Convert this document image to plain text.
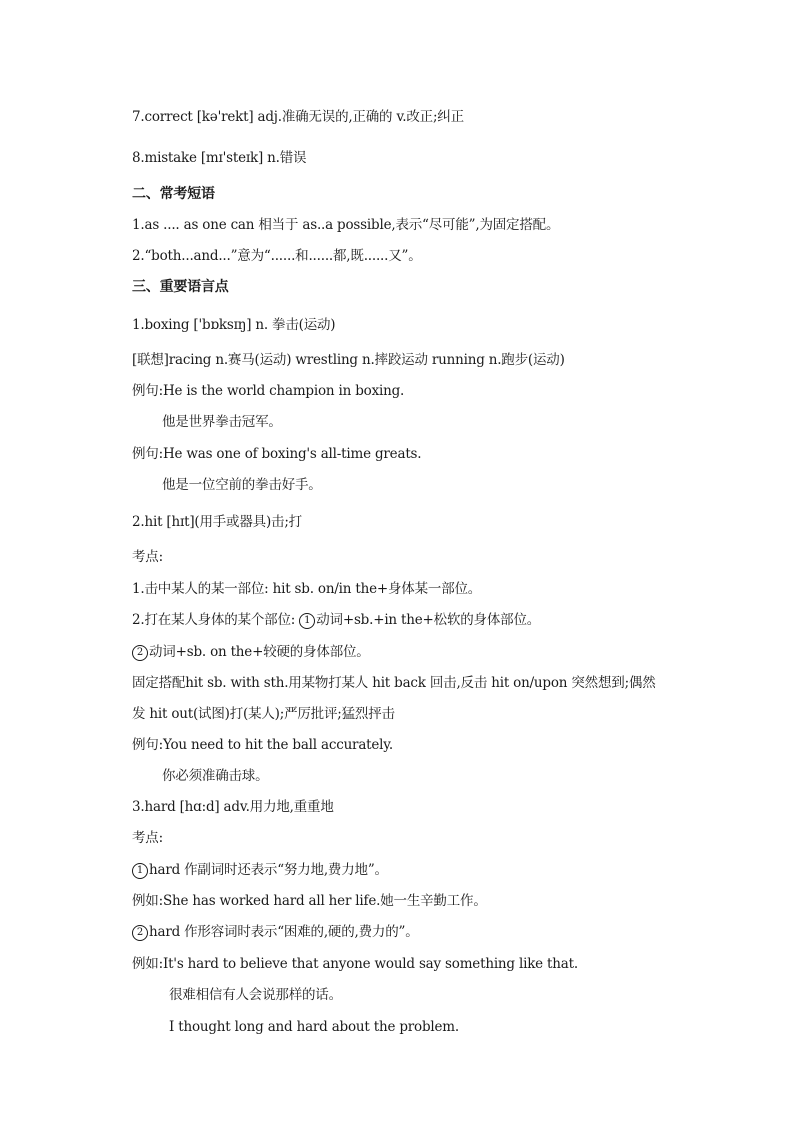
7.correct [kə'rekt] adj.准确无误的,正确的 v.改正;纠正
8.mistake [mɪ'steɪk] n.错误
二、常考短语
1.as .... as one can 相当于 as..a possible,表示“尽可能”,为固定搭配。
2.“both...and...”意为“......和......都,既......又”。
三、重要语言点
1.boxing ['bɒksɪŋ] n. 拳击(运动)
[联想]racing n.赛马(运动) wrestling n.摔跤运动 running n.跑步(运动)
例句:He is the world champion in boxing.
他是世界拳击冠军。
例句:He was one of boxing's all-time greats.
他是一位空前的拳击好手。
2.hit [hɪt](用手或器具)击;打
考点:
1.击中某人的某一部位: hit sb. on/in the+身体某一部位。
2.打在某人身体的某个部位: 1 动词+sb.+in the+松软的身体部位。
2 动词+sb. on the+较硬的身体部位。
固定搭配hit sb. with sth.用某物打某人 hit back 回击,反击 hit on/upon 突然想到;偶然
发 hit out(试图)打(某人);严厉批评;猛烈抨击
例句:You need to hit the ball accurately.
你必须准确击球。
3.hard [hɑ:d] adv.用力地,重重地
考点:
1 hard 作副词时还表示“努力地,费力地”。
例如:She has worked hard all her life.她一生辛勤工作。
2 hard 作形容词时表示“困难的,硬的,费力的”。
例如:It's hard to believe that anyone would say something like that.
很难相信有人会说那样的话。
I thought long and hard about the problem.
